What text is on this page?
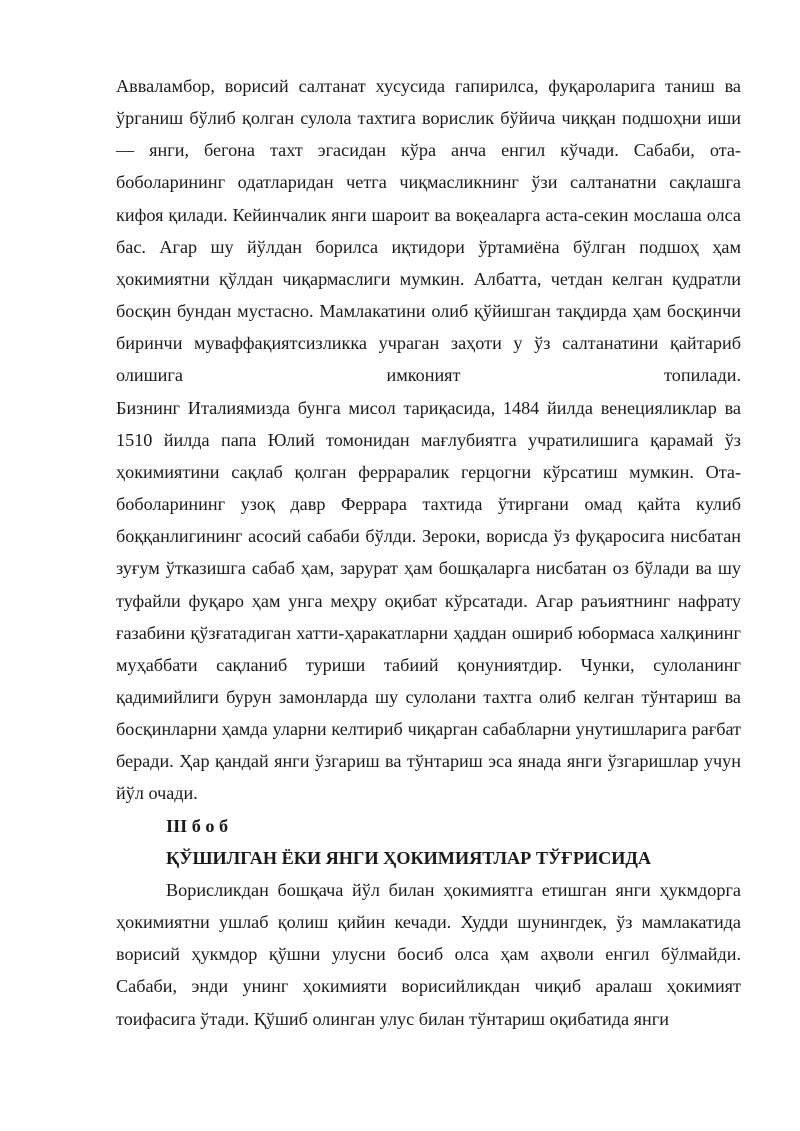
Авваламбор, ворисий салтанат хусусида гапирилса, фуқароларига таниш ва ўрганиш бўлиб қолган сулола тахтига ворислик бўйича чиққан подшоҳни иши — янги, бегона тахт эгасидан кўра анча енгил кўчади. Сабаби, ота-боболарининг одатларидан четга чиқмасликнинг ўзи салтанатни сақлашга кифоя қилади. Кейинчалик янги шароит ва воқеаларга аста-секин мослаша олса бас. Агар шу йўлдан борилса иқтидори ўртамиёна бўлган подшоҳ ҳам ҳокимиятни қўлдан чиқармаслиги мумкин. Албатта, четдан келган қудратли босқин бундан мустасно. Мамлакатини олиб қўйишган тақдирда ҳам босқинчи биринчи муваффақиятсизликка учраган заҳоти у ўз салтанатини қайтариб олишига имконият топилади.

Бизнинг Италиямизда бунга мисол тариқасида, 1484 йилда венецияликлар ва 1510 йилда папа Юлий томонидан мағлубиятга учратилишига қарамай ўз ҳокимиятини сақлаб қолган ферраралик герцогни кўрсатиш мумкин. Ота-боболарининг узоқ давр Феррара тахтида ўтиргани омад қайта кулиб боққанлигининг асосий сабаби бўлди. Зероки, ворисда ўз фуқаросига нисбатан зуғум ўтказишга сабаб ҳам, зарурат ҳам бошқаларга нисбатан оз бўлади ва шу туфайли фуқаро ҳам унга меҳру оқибат кўрсатади. Агар раъиятнинг нафрату ғазабини қўзғатадиган хатти-ҳаракатларни ҳаддан ошириб юбормаса халқининг муҳаббати сақланиб туриши табиий қонуниятдир. Чунки, сулоланинг қадимийлиги бурун замонларда шу сулолани тахтга олиб келган тўнтариш ва босқинларни ҳамда уларни келтириб чиқарган сабабларни унутишларига рағбат беради. Ҳар қандай янги ўзгариш ва тўнтариш эса янада янги ўзгаришлар учун йўл очади.

III б о б

ҚЎШИЛГАН ЁКИ ЯНГИ ҲОКИМИЯТЛАР ТЎҒРИСИДА

Ворисликдан бошқача йўл билан ҳокимиятга етишган янги ҳукмдорга ҳокимиятни ушлаб қолиш қийин кечади. Худди шунингдек, ўз мамлакатида ворисий ҳукмдор қўшни улусни босиб олса ҳам аҳволи енгил бўлмайди. Сабаби, энди унинг ҳокимияти ворисийликдан чиқиб аралаш ҳокимият тоифасига ўтади. Қўшиб олинган улус билан тўнтариш оқибатида янги
